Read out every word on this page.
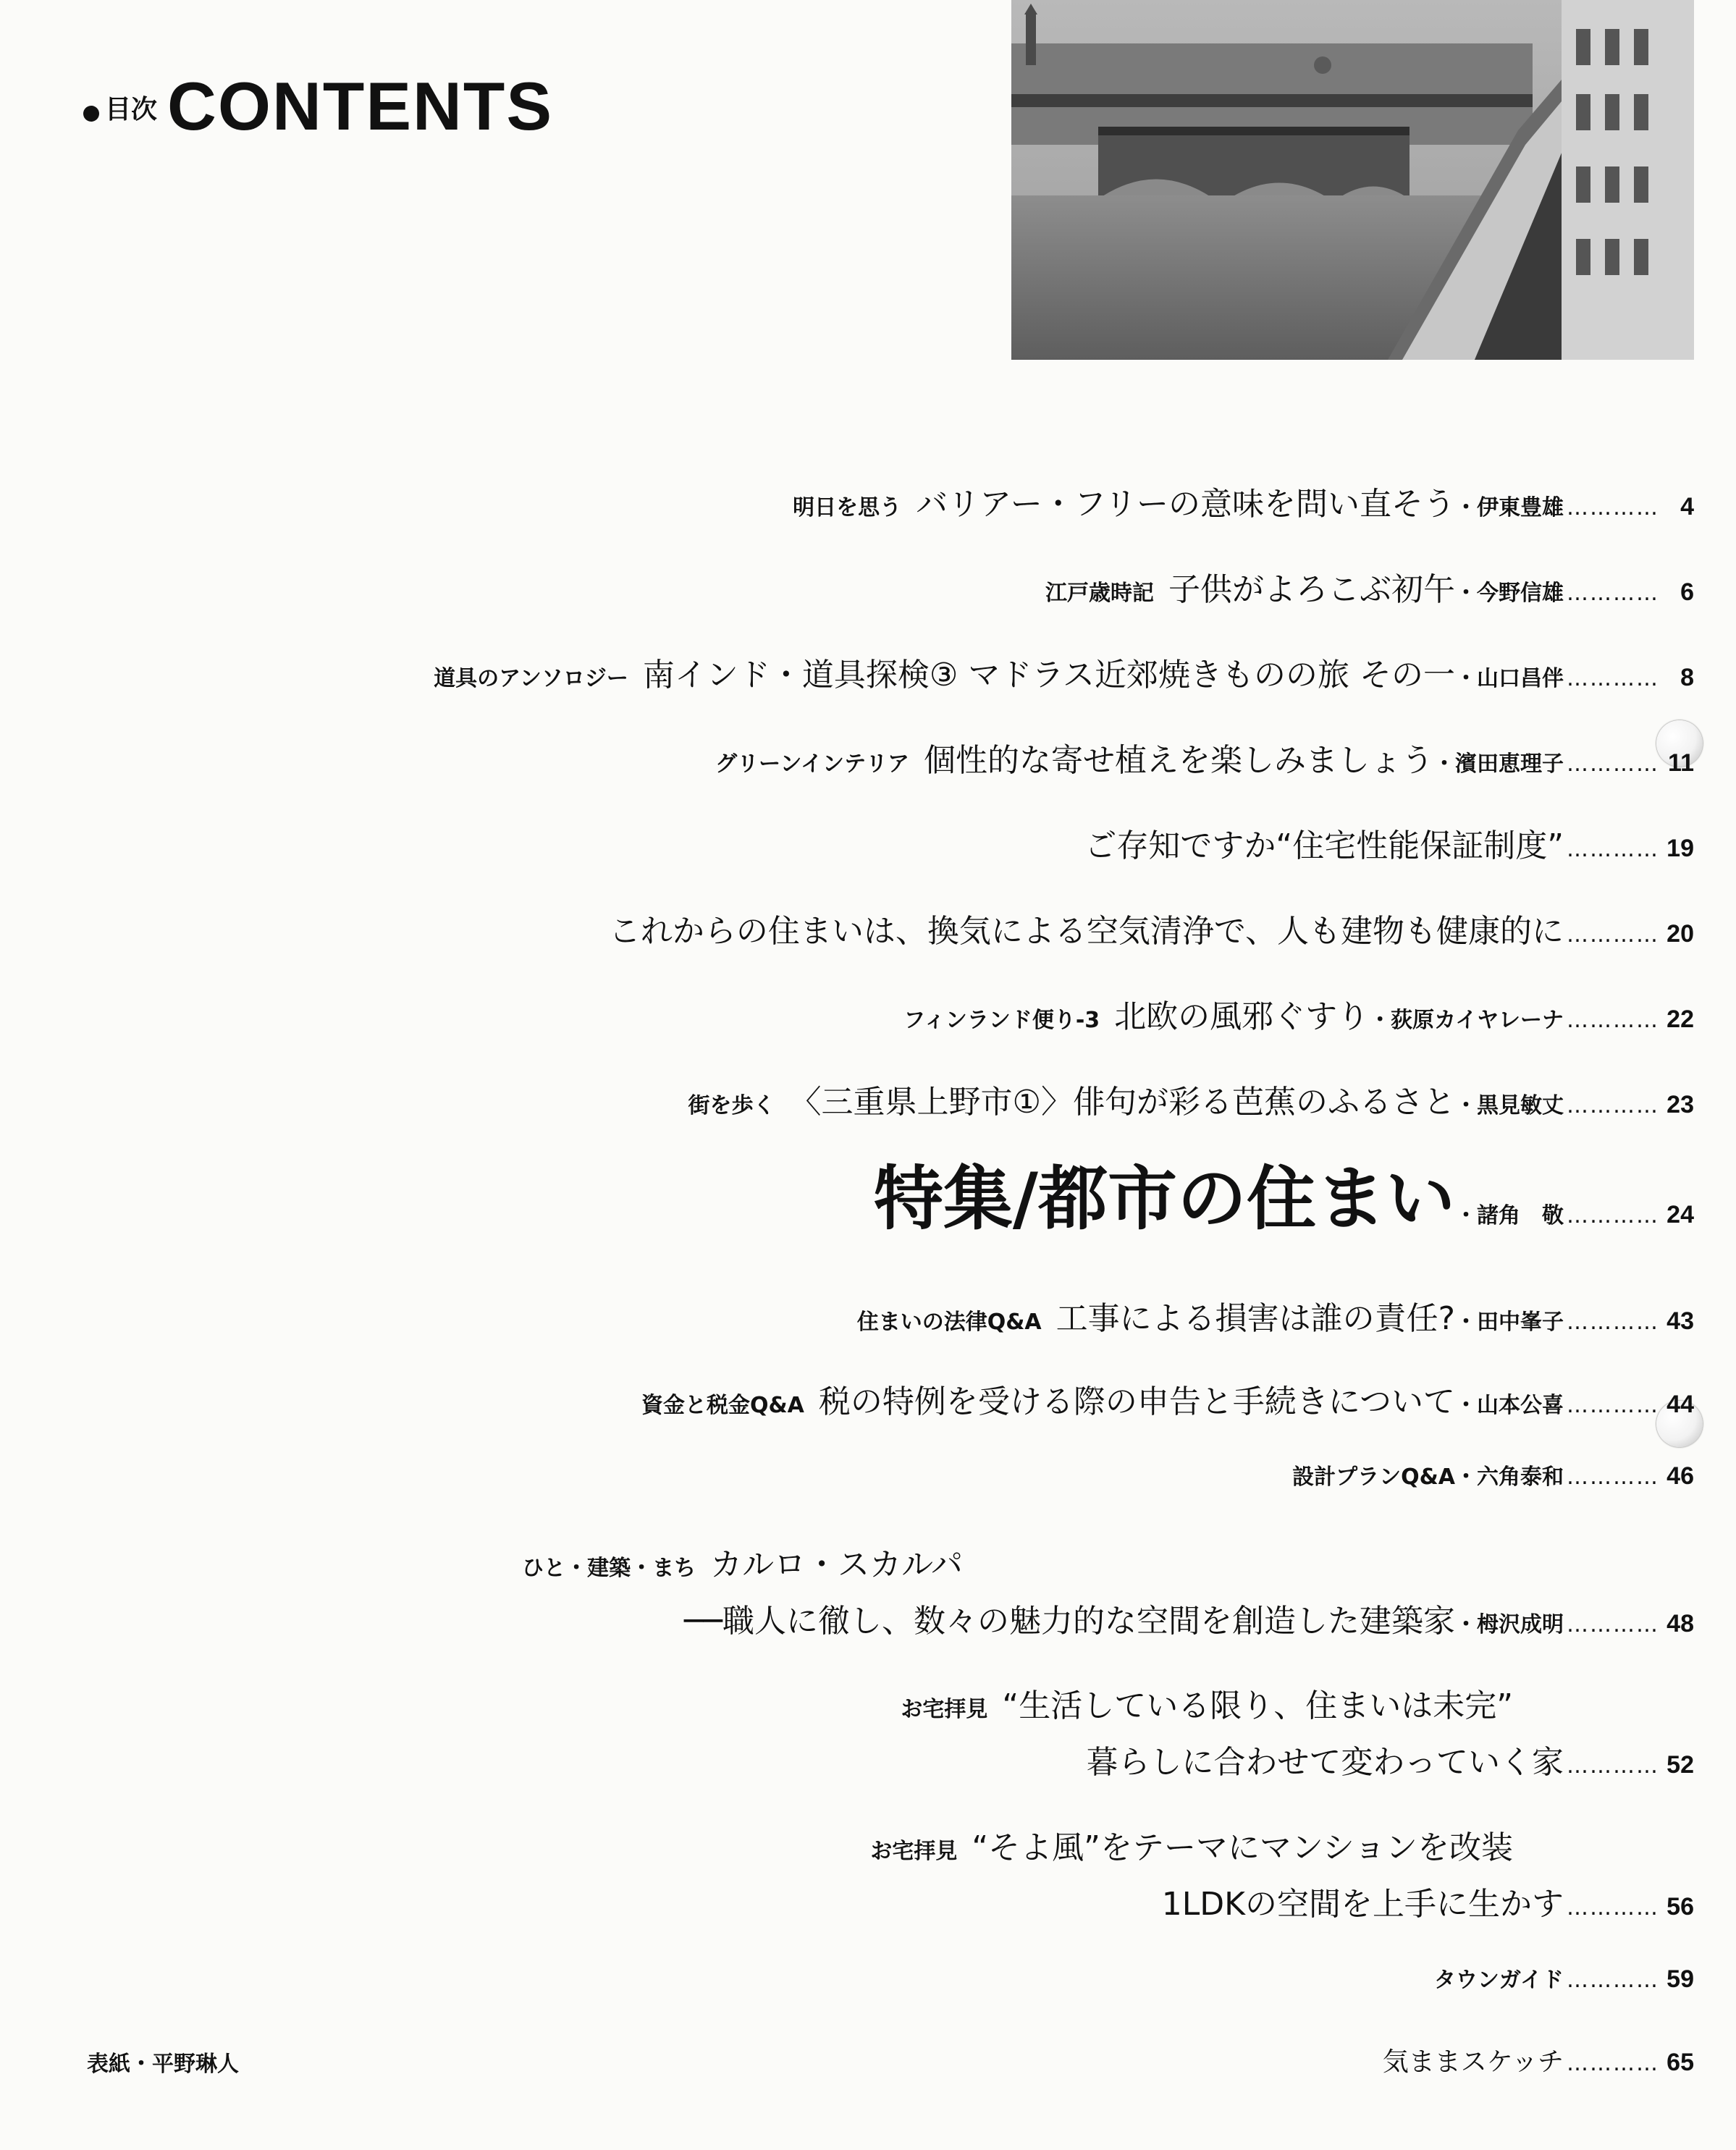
目次 CONTENTS
明日を思う バリアー・フリーの意味を問い直そう ・伊東豊雄 ………… 4
江戸歳時記 子供がよろこぶ初午 ・今野信雄 ………… 6
道具のアンソロジー 南インド・道具探検③ マドラス近郊焼きものの旅 その一 ・山口昌伴 ………… 8
グリーンインテリア 個性的な寄せ植えを楽しみましょう ・濱田恵理子 ………… 11
ご存知ですか“住宅性能保証制度” ………… 19
これからの住まいは、換気による空気清浄で、人も建物も健康的に ………… 20
フィンランド便り-3 北欧の風邪ぐすり ・荻原カイヤレーナ ………… 22
街を歩く 〈三重県上野市①〉俳句が彩る芭蕉のふるさと ・黒見敏丈 ………… 23
特集/都市の住まい ・諸角　敬 ………… 24
住まいの法律Q&A 工事による損害は誰の責任? ・田中峯子 ………… 43
資金と税金Q&A 税の特例を受ける際の申告と手続きについて ・山本公喜 ………… 44
設計プランQ&A ・六角泰和 ………… 46
ひと・建築・まち カルロ・スカルパ
──職人に徹し、数々の魅力的な空間を創造した建築家 ・栂沢成明 ………… 48
お宅拝見 “生活している限り、住まいは未完”
暮らしに合わせて変わっていく家 ………… 52
お宅拝見 “そよ風”をテーマにマンションを改装
1LDKの空間を上手に生かす ………… 56
タウンガイド ………… 59
気ままスケッチ ………… 65
表紙・平野琳人
